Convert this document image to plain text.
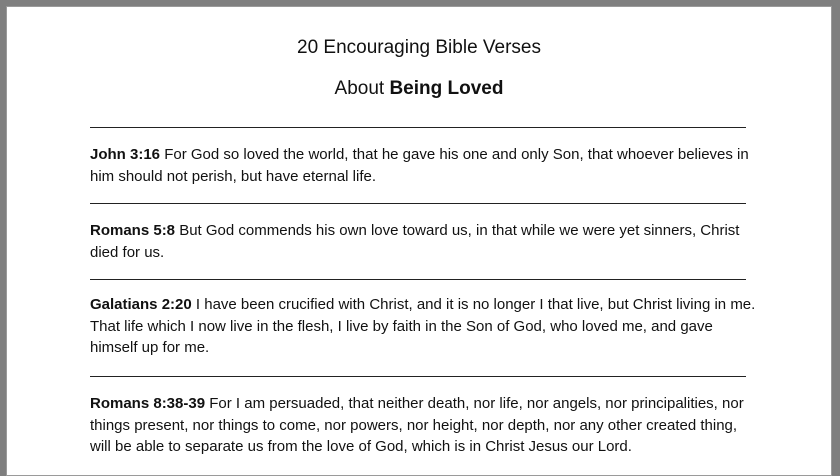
20 Encouraging Bible Verses
About Being Loved
John 3:16 For God so loved the world, that he gave his one and only Son, that whoever believes in him should not perish, but have eternal life.
Romans 5:8 But God commends his own love toward us, in that while we were yet sinners, Christ died for us.
Galatians 2:20 I have been crucified with Christ, and it is no longer I that live, but Christ living in me. That life which I now live in the flesh, I live by faith in the Son of God, who loved me, and gave himself up for me.
Romans 8:38-39 For I am persuaded, that neither death, nor life, nor angels, nor principalities, nor things present, nor things to come, nor powers, nor height, nor depth, nor any other created thing, will be able to separate us from the love of God, which is in Christ Jesus our Lord.
